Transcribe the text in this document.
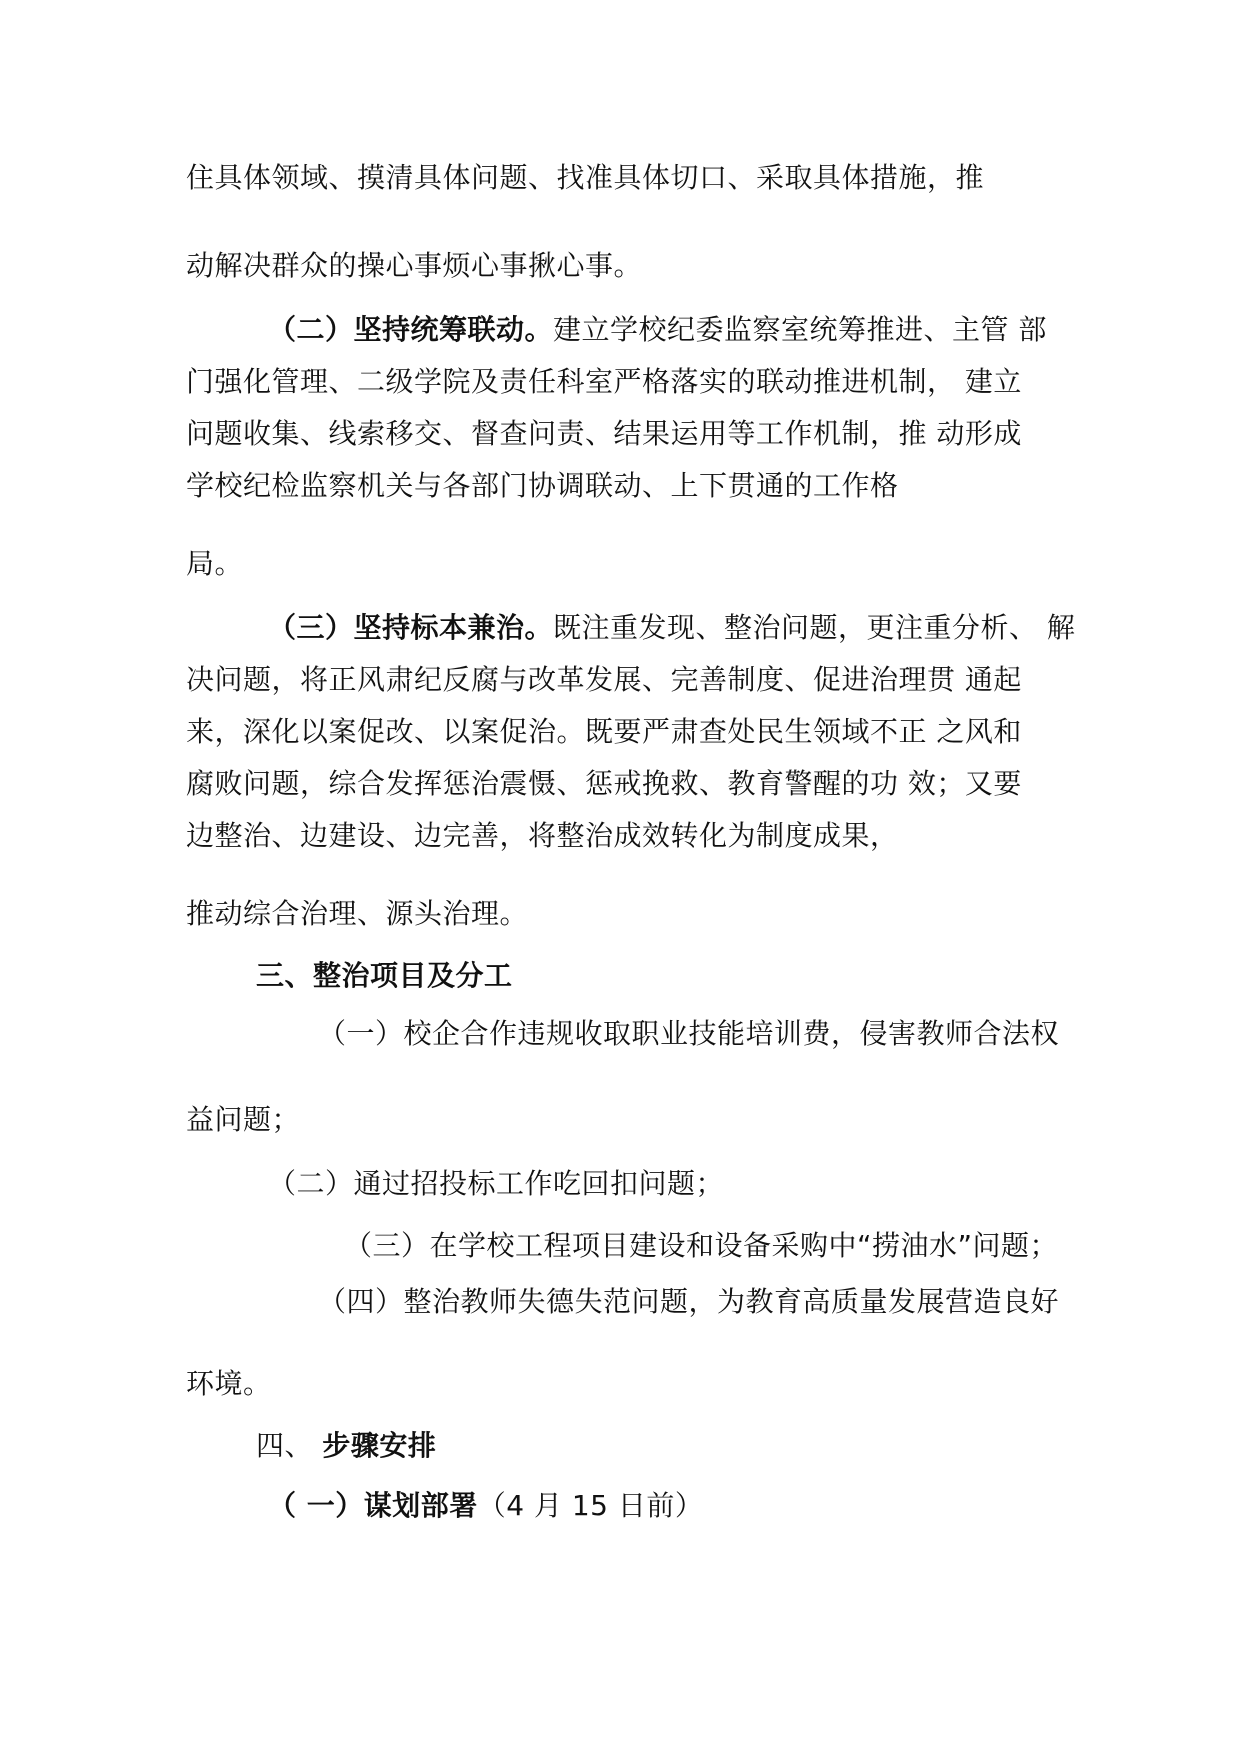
住具体领域、摸清具体问题、找准具体切口、采取具体措施，推
动解决群众的操心事烦心事揪心事。
（二）坚持统筹联动。建立学校纪委监察室统筹推进、主管 部
门强化管理、二级学院及责任科室严格落实的联动推进机制， 建立
问题收集、线索移交、督查问责、结果运用等工作机制，推 动形成
学校纪检监察机关与各部门协调联动、上下贯通的工作格
局。
（三）坚持标本兼治。既注重发现、整治问题，更注重分析、 解
决问题，将正风肃纪反腐与改革发展、完善制度、促进治理贯 通起
来，深化以案促改、以案促治。既要严肃查处民生领域不正 之风和
腐败问题，综合发挥惩治震慑、惩戒挽救、教育警醒的功 效；又要
边整治、边建设、边完善，将整治成效转化为制度成果，
推动综合治理、源头治理。
三、整治项目及分工
（一）校企合作违规收取职业技能培训费，侵害教师合法权
益问题；
（二）通过招投标工作吃回扣问题；
（三）在学校工程项目建设和设备采购中“捞油水”问题；
（四）整治教师失德失范问题，为教育高质量发展营造良好
环境。
四、 步骤安排
（ 一）谋划部署（4 月 15 日前）
